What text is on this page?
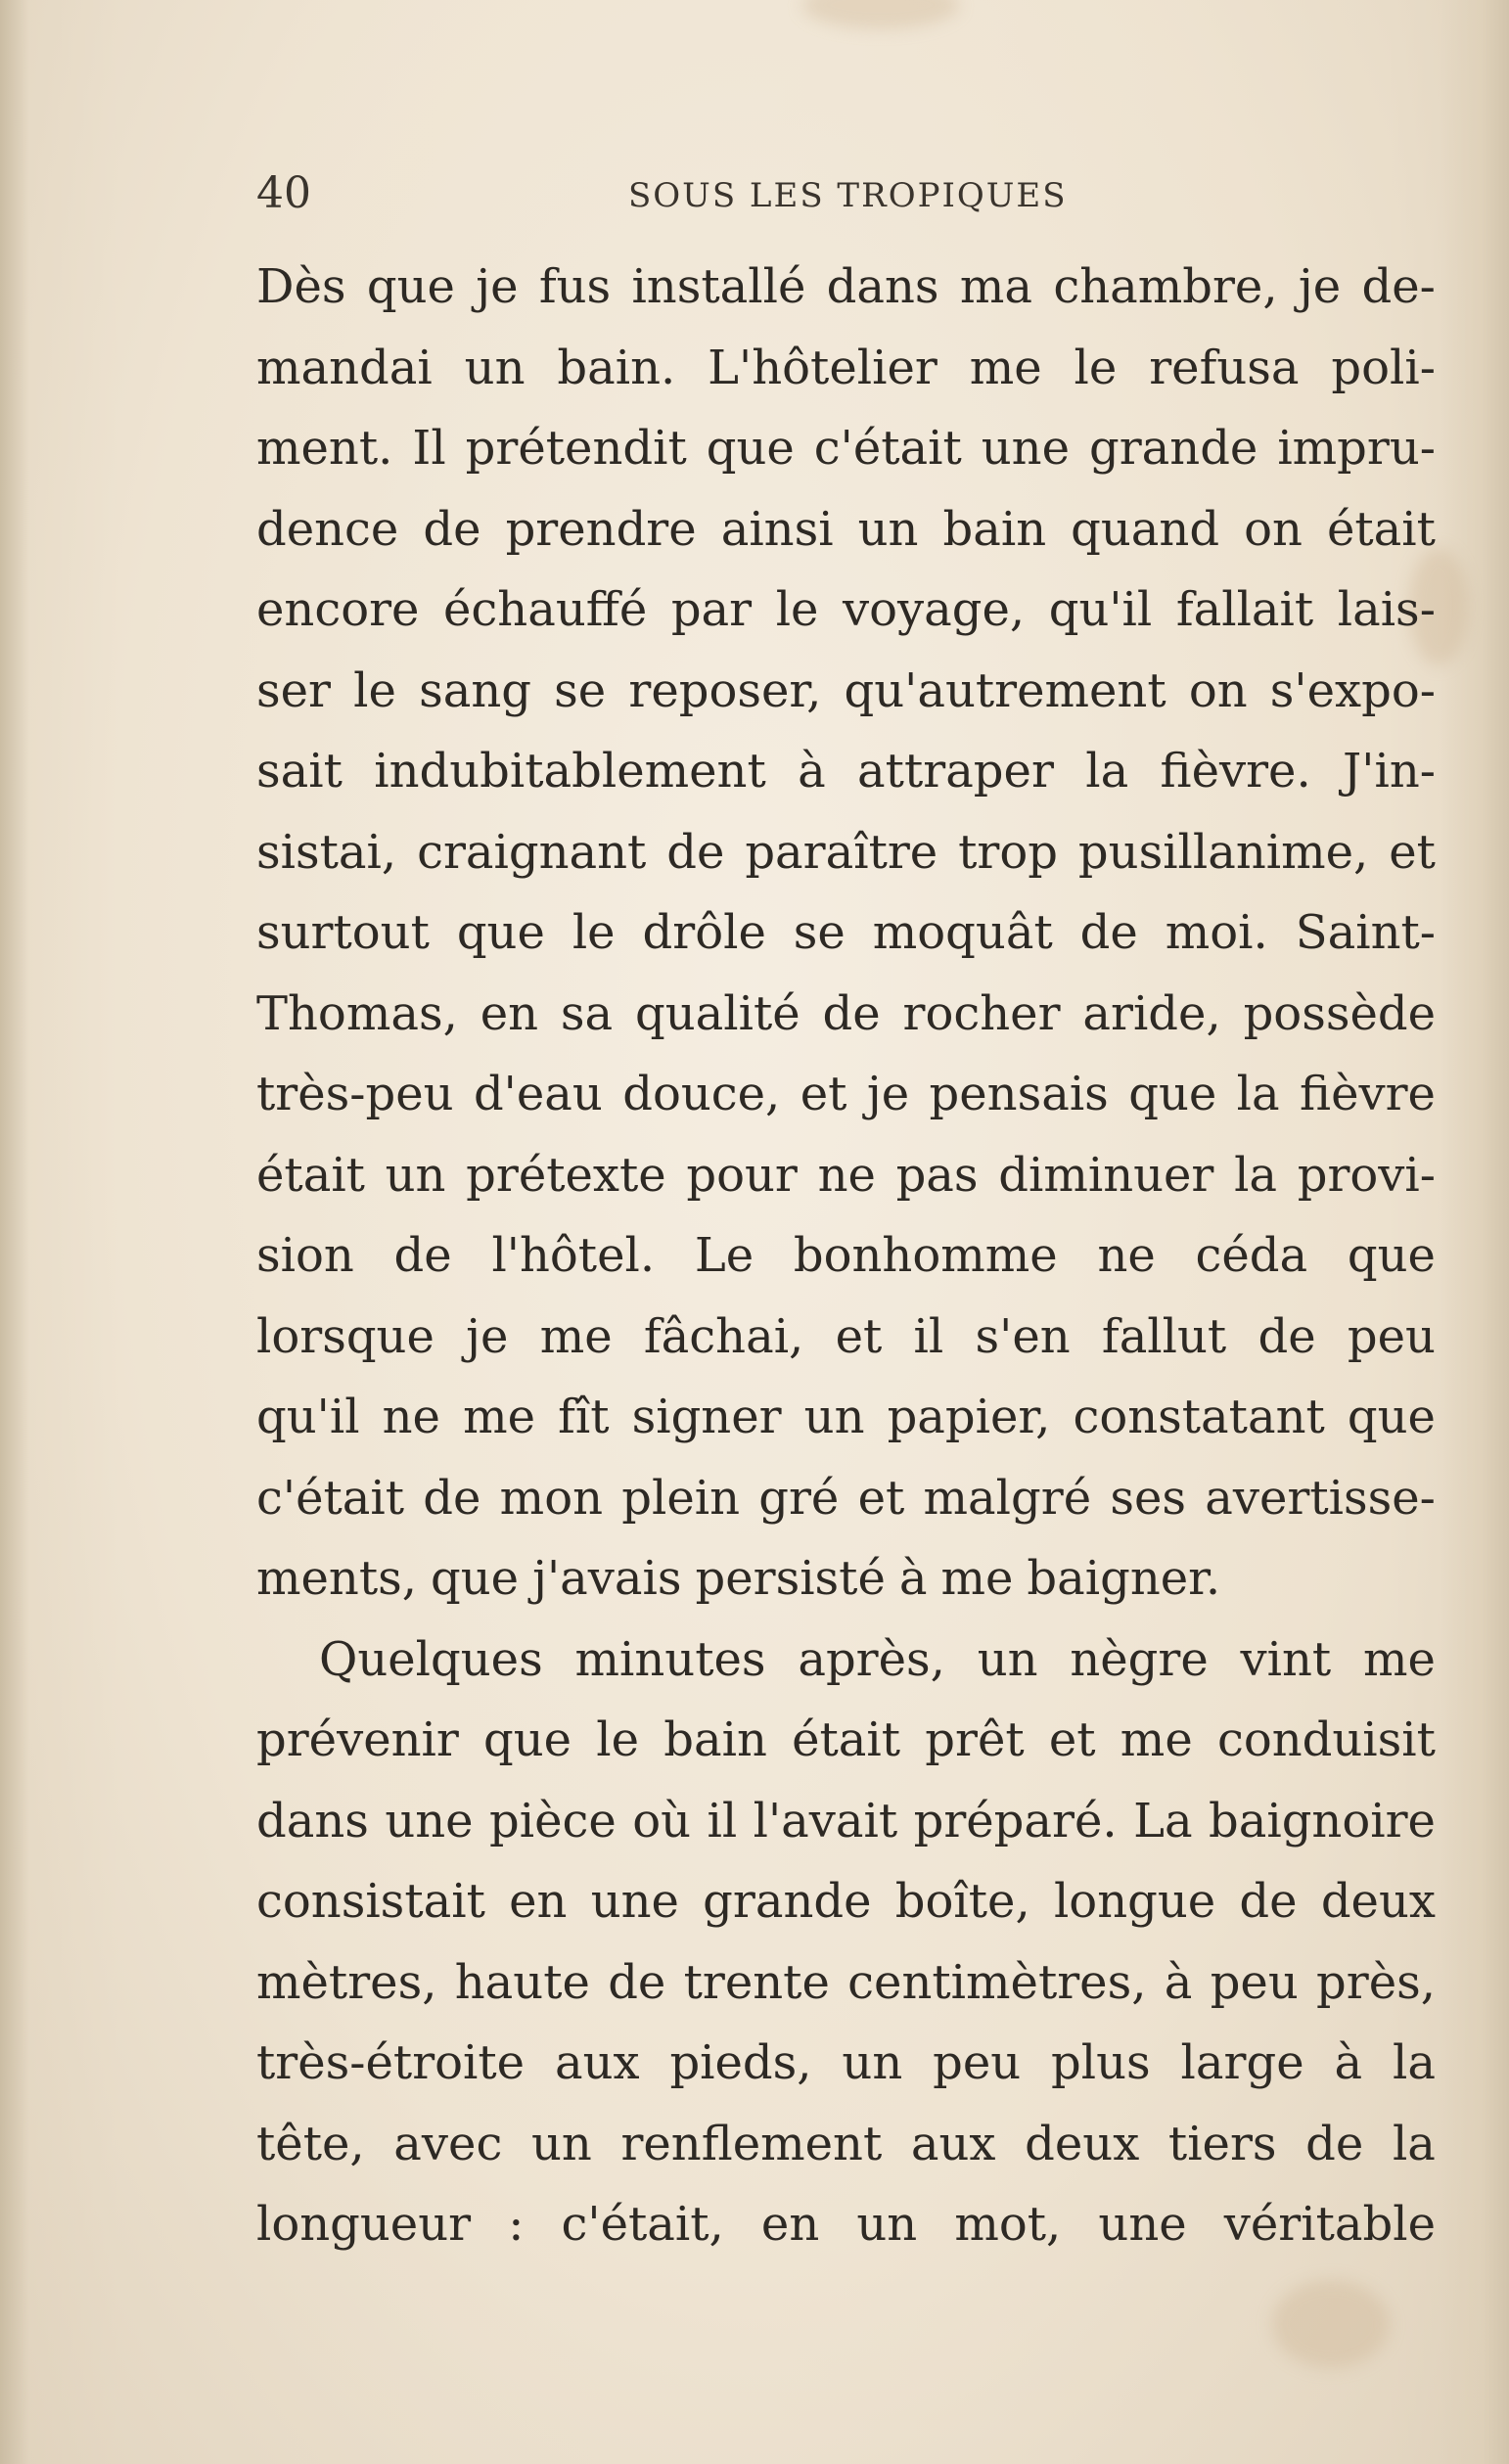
40	SOUS LES TROPIQUES
Dès que je fus installé dans ma chambre, je de-
mandai un bain. L'hôtelier me le refusa poli-
ment. Il prétendit que c'était une grande impru-
dence de prendre ainsi un bain quand on était
encore échauffé par le voyage, qu'il fallait lais-
ser le sang se reposer, qu'autrement on s'expo-
sait indubitablement à attraper la fièvre. J'in-
sistai, craignant de paraître trop pusillanime, et
surtout que le drôle se moquât de moi. Saint-
Thomas, en sa qualité de rocher aride, possède
très-peu d'eau douce, et je pensais que la fièvre
était un prétexte pour ne pas diminuer la provi-
sion de l'hôtel. Le bonhomme ne céda que
lorsque je me fâchai, et il s'en fallut de peu
qu'il ne me fît signer un papier, constatant que
c'était de mon plein gré et malgré ses avertisse-
ments, que j'avais persisté à me baigner.
Quelques minutes après, un nègre vint me
prévenir que le bain était prêt et me conduisit
dans une pièce où il l'avait préparé. La baignoire
consistait en une grande boîte, longue de deux
mètres, haute de trente centimètres, à peu près,
très-étroite aux pieds, un peu plus large à la
tête, avec un renflement aux deux tiers de la
longueur : c'était, en un mot, une véritable
